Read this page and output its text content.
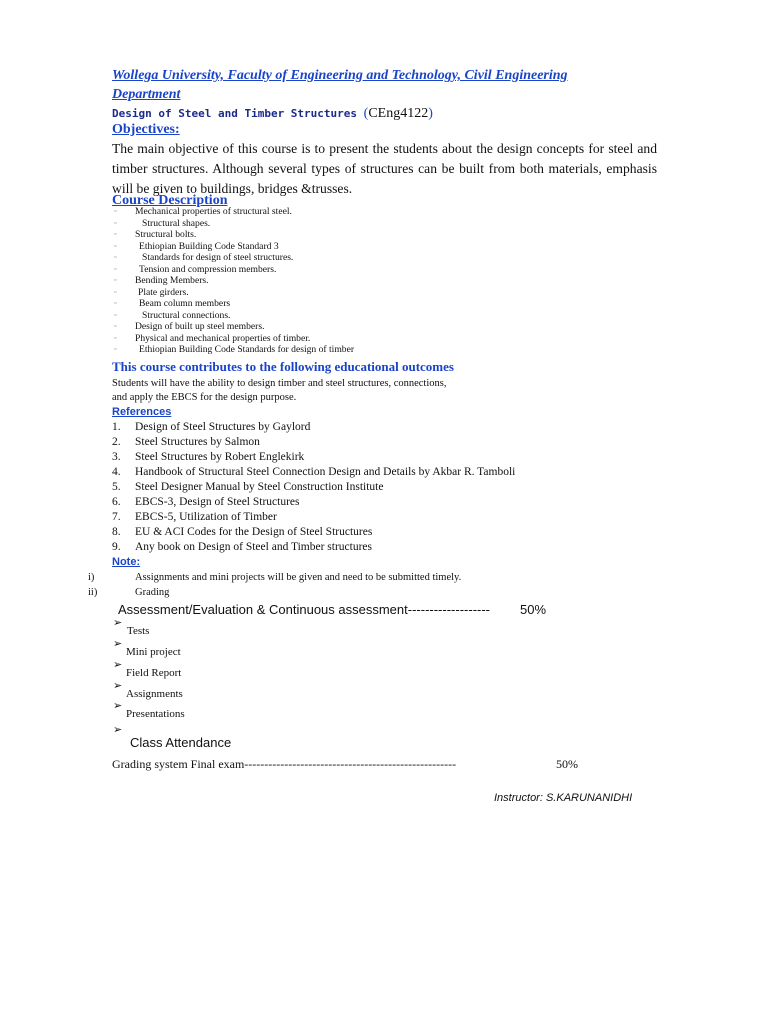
Wollega University, Faculty of Engineering and Technology, Civil Engineering
Department
Design of Steel and Timber Structures (CEng4122)
Objectives:
The main objective of this course is to present the students about the design concepts for steel and timber structures. Although several types of structures can be built from both materials, emphasis will be given to buildings, bridges &trusses.
Course Description
▫ Mechanical properties of structural steel.
▫	Structural shapes.
▫ Structural bolts.
▫ Ethiopian Building Code Standard 3
▫	Standards for design of steel structures.
▫ Tension and compression members.
▫ Bending Members.
▫ Plate girders.
▫ Beam column members
▫	Structural connections.
▫ Design of built up steel members.
▫ Physical and mechanical properties of timber.
▫ Ethiopian Building Code Standards for design of timber
This course contributes to the following educational outcomes
Students will have the ability to design timber and steel structures, connections,
and apply the EBCS for the design purpose.
References
1. Design of Steel Structures by Gaylord
2. Steel Structures by Salmon
3. Steel Structures by Robert Englekirk
4. Handbook of Structural Steel Connection Design and Details by Akbar R. Tamboli
5. Steel Designer Manual by Steel Construction Institute
6. EBCS-3, Design of Steel Structures
7. EBCS-5, Utilization of Timber
8. EU & ACI Codes for the Design of Steel Structures
9. Any book on Design of Steel and Timber structures
Note:
i)	Assignments and mini projects will be given and need to be submitted timely.
ii)	Grading
Assessment/Evaluation & Continuous assessment------------------- 50%
➢
Tests
➢
Mini project
➢
Field Report
➢
Assignments
➢
Presentations
➢
Class Attendance
Grading system Final exam-----------------------------------------------------	50%
Instructor: S.KARUNANIDHI
